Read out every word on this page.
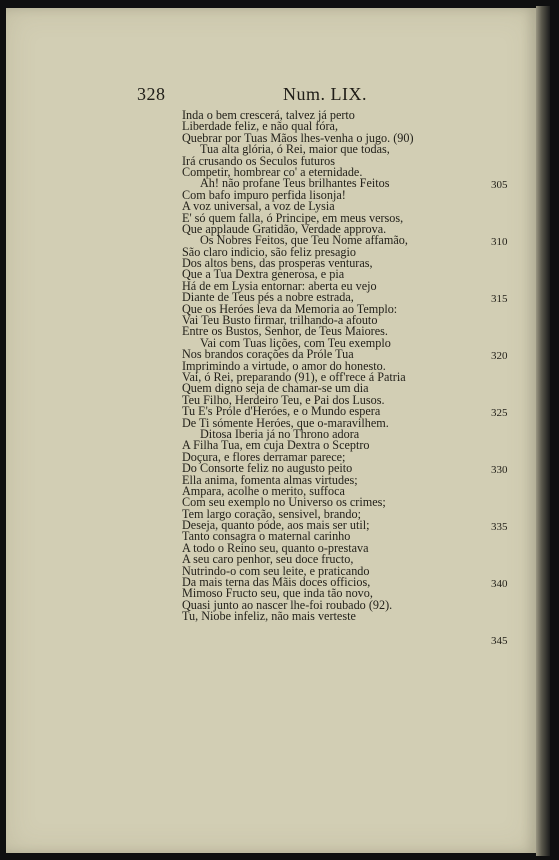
328	Num. LIX.
Inda o bem crescerá, talvez já perto
Liberdade feliz, e não qual fóra,
Quebrar por Tuas Mãos lhes-venha o jugo. (90)
Tua alta glória, ó Rei, maior que todas,
Irá crusando os Seculos futuros
Competir, hombrear co' a eternidade.
Ah! não profane Teus brilhantes Feitos
Com bafo impuro perfida lisonja!
A voz universal, a voz de Lysia
E' só quem falla, ó Principe, em meus versos,
Que applaude Gratidão, Verdade approva.
Os Nobres Feitos, que Teu Nome affamão,
São claro indicio, são feliz presagio
Dos altos bens, das prosperas venturas,
Que a Tua Dextra generosa, e pia
Há de em Lysia entornar: aberta eu vejo
Diante de Teus pés a nobre estrada,
Que os Heróes leva da Memoria ao Templo:
Vai Teu Busto firmar, trilhando-a afouto
Entre os Bustos, Senhor, de Teus Maiores.
Vai com Tuas lições, com Teu exemplo
Nos brandos corações da Próle Tua
Imprimindo a virtude, o amor do honesto.
Vai, ó Rei, preparando (91), e off'rece á Patria
Quem digno seja de chamar-se um dia
Teu Filho, Herdeiro Teu, e Pai dos Lusos.
Tu E's Próle d'Heróes, e o Mundo espera
De Ti sómente Heróes, que o-maravilhem.
Ditosa Iberia já no Throno adora
A Filha Tua, em cuja Dextra o Sceptro
Doçura, e flores derramar parece;
Do Consorte feliz no augusto peito
Ella anima, fomenta almas virtudes;
Ampara, acolhe o merito, suffoca
Com seu exemplo no Universo os crimes;
Tem largo coração, sensivel, brando;
Deseja, quanto póde, aos mais ser util;
Tanto consagra o maternal carinho
A todo o Reino seu, quanto o-prestava
A seu caro penhor, seu doce fructo,
Nutrindo-o com seu leite, e praticando
Da mais terna das Mãis doces officios,
Mimoso Fructo seu, que inda tão novo,
Quasi junto ao nascer lhe-foi roubado (92).
Tu, Niobe infeliz, não mais verteste
305
310
315
320
325
330
335
340
345
